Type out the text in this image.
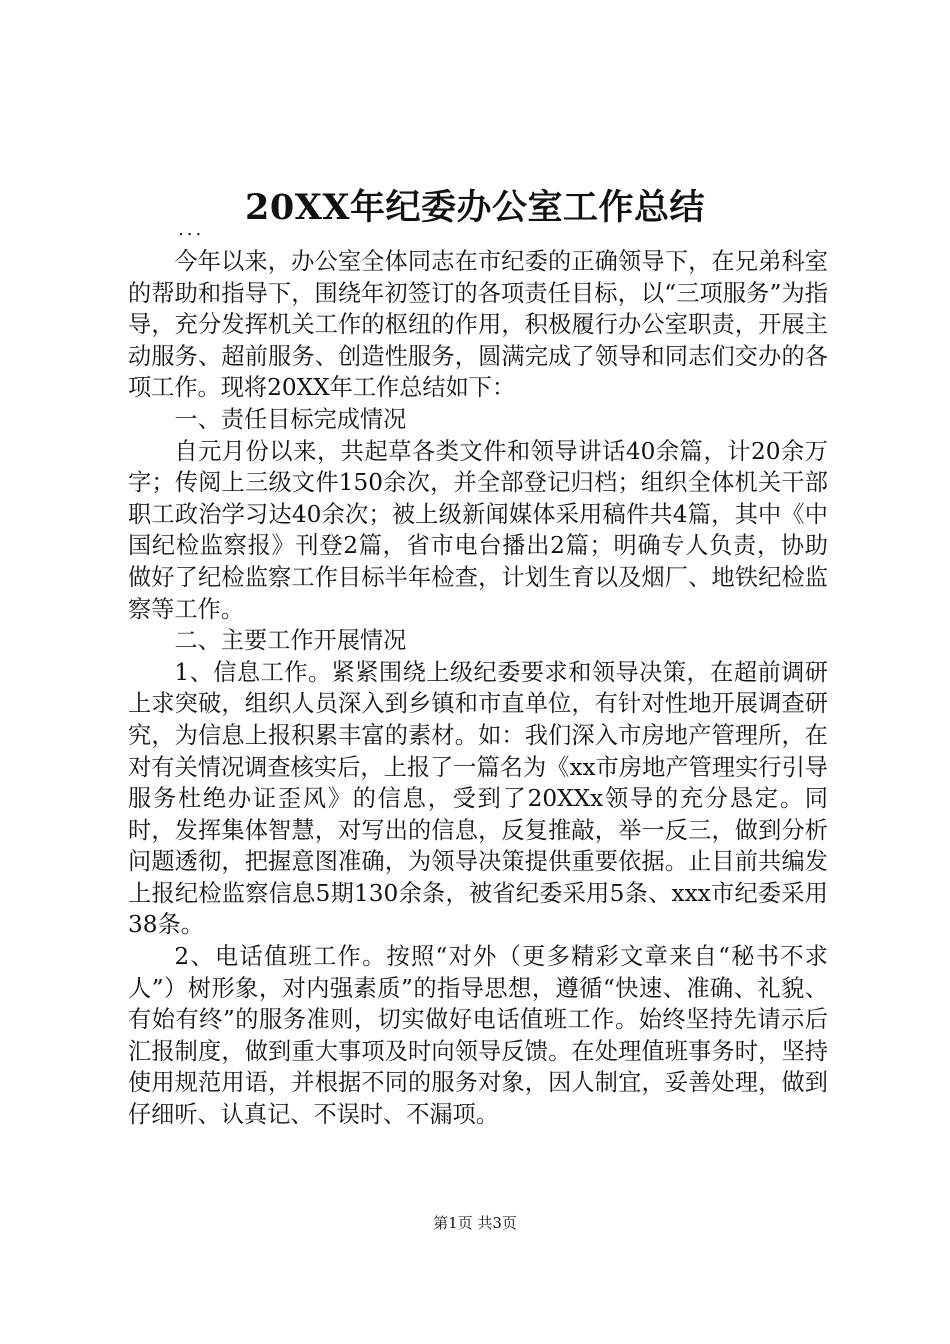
20XX年纪委办公室工作总结
...

今年以来，办公室全体同志在市纪委的正确领导下，在兄弟科室的帮助和指导下，围绕年初签订的各项责任目标，以“三项服务”为指导，充分发挥机关工作的枢纽的作用，积极履行办公室职责，开展主动服务、超前服务、创造性服务，圆满完成了领导和同志们交办的各项工作。现将20XX年工作总结如下：

一、责任目标完成情况

自元月份以来，共起草各类文件和领导讲话40余篇，计20余万字；传阅上三级文件150余次，并全部登记归档；组织全体机关干部职工政治学习达40余次；被上级新闻媒体采用稿件共4篇，其中《中国纪检监察报》刊登2篇，省市电台播出2篇；明确专人负责，协助做好了纪检监察工作目标半年检查，计划生育以及烟厂、地铁纪检监察等工作。

二、主要工作开展情况

1、信息工作。紧紧围绕上级纪委要求和领导决策，在超前调研上求突破，组织人员深入到乡镇和市直单位，有针对性地开展调查研究，为信息上报积累丰富的素材。如：我们深入市房地产管理所，在对有关情况调查核实后，上报了一篇名为《xx市房地产管理实行引导服务杜绝办证歪风》的信息，受到了20XXx领导的充分恳定。同时，发挥集体智慧，对写出的信息，反复推敲，举一反三，做到分析问题透彻，把握意图准确，为领导决策提供重要依据。止目前共编发上报纪检监察信息5期130余条，被省纪委采用5条、xxx市纪委采用38条。

2、电话值班工作。按照“对外（更多精彩文章来自“秘书不求人”）树形象，对内强素质”的指导思想，遵循“快速、准确、礼貌、有始有终”的服务准则，切实做好电话值班工作。始终坚持先请示后汇报制度，做到重大事项及时向领导反馈。在处理值班事务时，坚持使用规范用语，并根据不同的服务对象，因人制宜，妥善处理，做到仔细听、认真记、不误时、不漏项。

第1页 共3页
